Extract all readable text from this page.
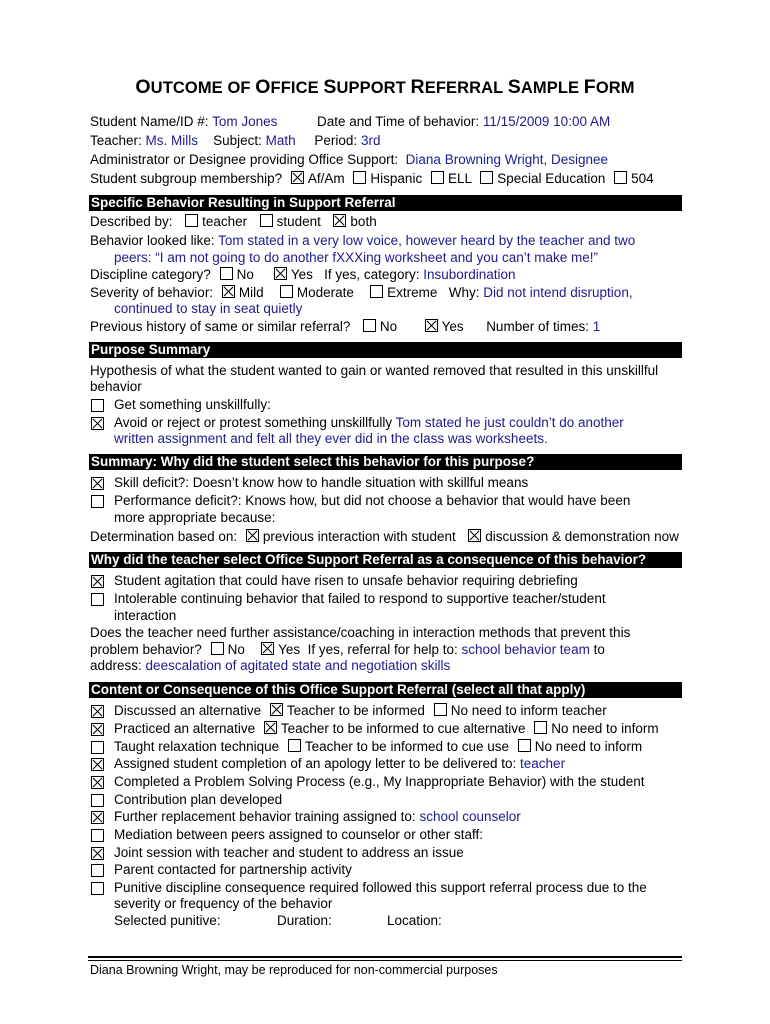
OUTCOME OF OFFICE SUPPORT REFERRAL SAMPLE FORM
Student Name/ID #: Tom Jones	Date and Time of behavior: 11/15/2009 10:00 AM
Teacher: Ms. Mills Subject: Math Period: 3rd
Administrator or Designee providing Office Support: Diana Browning Wright, Designee
Student subgroup membership? Af/Am Hispanic ELL Special Education 504
Specific Behavior Resulting in Support Referral
Described by: teacher student both
Behavior looked like: Tom stated in a very low voice, however heard by the teacher and two
peers: “I am not going to do another fXXXing worksheet and you can’t make me!”
Discipline category? No	Yes If yes, category: Insubordination
Severity of behavior: Mild Moderate Extreme Why: Did not intend disruption,
continued to stay in seat quietly
Previous history of same or similar referral? No	Yes Number of times: 1
Purpose Summary
Hypothesis of what the student wanted to gain or wanted removed that resulted in this unskillful
behavior
Get something unskillfully:
Avoid or reject or protest something unskillfully Tom stated he just couldn’t do another
written assignment and felt all they ever did in the class was worksheets.
Summary: Why did the student select this behavior for this purpose?
Skill deficit?: Doesn’t know how to handle situation with skillful means
Performance deficit?: Knows how, but did not choose a behavior that would have been
more appropriate because:
Determination based on: previous interaction with student discussion & demonstration now
Why did the teacher select Office Support Referral as a consequence of this behavior?
Student agitation that could have risen to unsafe behavior requiring debriefing
Intolerable continuing behavior that failed to respond to supportive teacher/student
interaction
Does the teacher need further assistance/coaching in interaction methods that prevent this
problem behavior? No Yes If yes, referral for help to: school behavior team to
address: deescalation of agitated state and negotiation skills
Content or Consequence of this Office Support Referral (select all that apply)
Discussed an alternative Teacher to be informed No need to inform teacher
Practiced an alternative Teacher to be informed to cue alternative No need to inform
Taught relaxation technique Teacher to be informed to cue use No need to inform
Assigned student completion of an apology letter to be delivered to: teacher
Completed a Problem Solving Process (e.g., My Inappropriate Behavior) with the student
Contribution plan developed
Further replacement behavior training assigned to: school counselor
Mediation between peers assigned to counselor or other staff:
Joint session with teacher and student to address an issue
Parent contacted for partnership activity
Punitive discipline consequence required followed this support referral process due to the
severity or frequency of the behavior
Selected punitive:	Duration:	Location:
Diana Browning Wright, may be reproduced for non-commercial purposes
